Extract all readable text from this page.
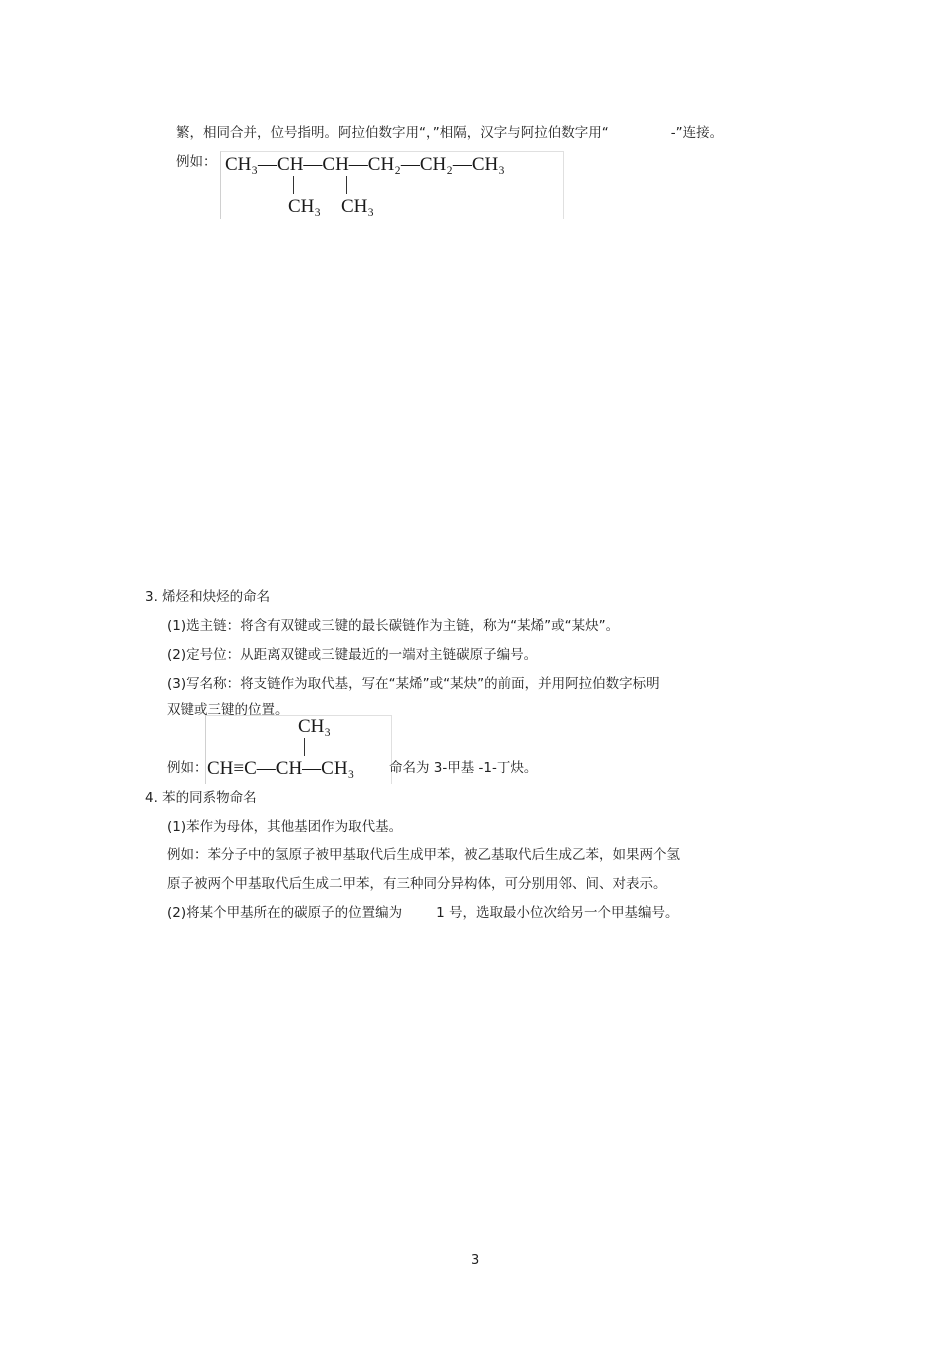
繁，相同合并，位号指明。阿拉伯数字用“，”相隔，汉字与阿拉伯数字用“	-”连接。
例如： CH₃—CH—CH—CH₂—CH₂—CH₃
CH₃ CH₃
3. 烯烃和炔烃的命名
(1)选主链：将含有双键或三键的最长碳链作为主链，称为“某烯”或“某炔”。
(2)定号位：从距离双键或三键最近的一端对主链碳原子编号。
(3)写名称：将支链作为取代基，写在“某烯”或“某炔”的前面，并用阿拉伯数字标明
双键或三键的位置。
CH₃
CH≡C—CH—CH₃
例如：	命名为 3-甲基 -1-丁炔。
4. 苯的同系物命名
(1)苯作为母体，其他基团作为取代基。
例如：苯分子中的氢原子被甲基取代后生成甲苯，被乙基取代后生成乙苯，如果两个氢
原子被两个甲基取代后生成二甲苯，有三种同分异构体，可分别用邻、间、对表示。
(2)将某个甲基所在的碳原子的位置编为	1 号，选取最小位次给另一个甲基编号。
3
